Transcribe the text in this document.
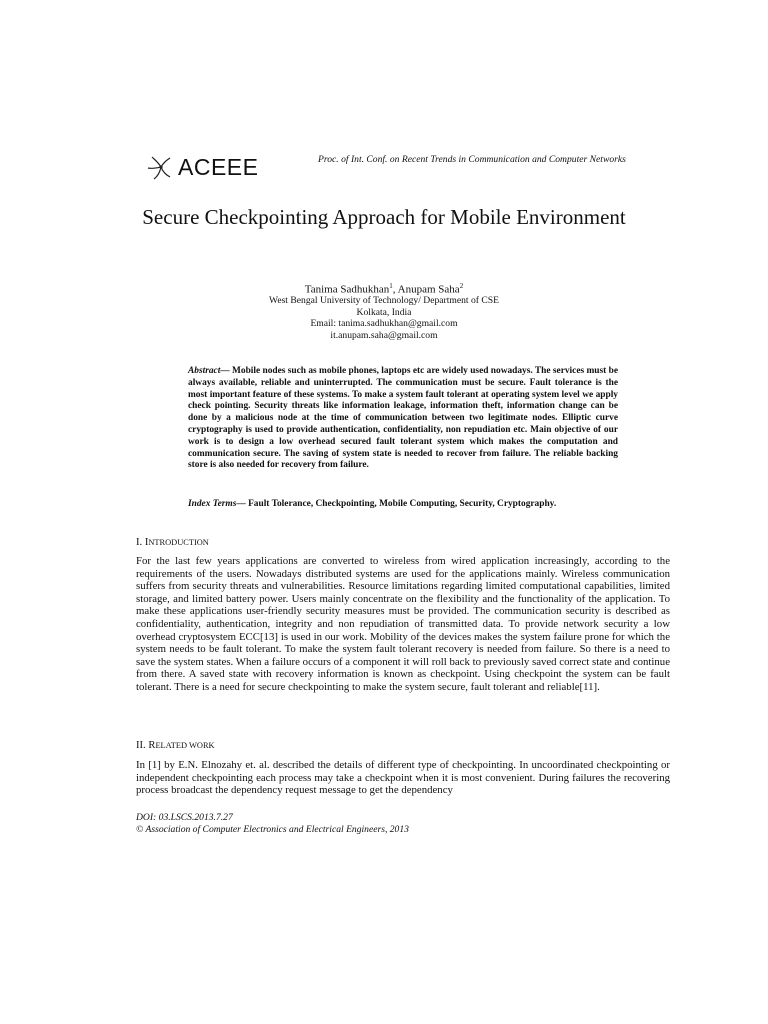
ACEEE	Proc. of Int. Conf. on Recent Trends in Communication and Computer Networks
Secure Checkpointing Approach for Mobile Environment
Tanima Sadhukhan$^1$, Anupam Saha$^2$
West Bengal University of Technology/ Department of CSE
Kolkata, India
Email: tanima.sadhukhan@gmail.com
it.anupam.saha@gmail.com
Abstract— Mobile nodes such as mobile phones, laptops etc are widely used nowadays. The services must be always available, reliable and uninterrupted. The communication must be secure. Fault tolerance is the most important feature of these systems. To make a system fault tolerant at operating system level we apply check pointing. Security threats like information leakage, information theft, information change can be done by a malicious node at the time of communication between two legitimate nodes. Elliptic curve cryptography is used to provide authentication, confidentiality, non repudiation etc. Main objective of our work is to design a low overhead secured fault tolerant system which makes the computation and communication secure. The saving of system state is needed to recover from failure. The reliable backing store is also needed for recovery from failure.
Index Terms— Fault Tolerance, Checkpointing, Mobile Computing, Security, Cryptography.
I. INTRODUCTION
For the last few years applications are converted to wireless from wired application increasingly, according to the requirements of the users. Nowadays distributed systems are used for the applications mainly. Wireless communication suffers from security threats and vulnerabilities. Resource limitations regarding limited computational capabilities, limited storage, and limited battery power. Users mainly concentrate on the flexibility and the functionality of the application. To make these applications user-friendly security measures must be provided. The communication security is described as confidentiality, authentication, integrity and non repudiation of transmitted data. To provide network security a low overhead cryptosystem ECC[13] is used in our work. Mobility of the devices makes the system failure prone for which the system needs to be fault tolerant. To make the system fault tolerant recovery is needed from failure. So there is a need to save the system states. When a failure occurs of a component it will roll back to previously saved correct state and continue from there. A saved state with recovery information is known as checkpoint. Using checkpoint the system can be fault tolerant. There is a need for secure checkpointing to make the system secure, fault tolerant and reliable[11].
II. RELATED WORK
In [1] by E.N. Elnozahy et. al. described the details of different type of checkpointing. In uncoordinated checkpointing or independent checkpointing each process may take a checkpoint when it is most convenient. During failures the recovering process broadcast the dependency request message to get the dependency
DOI: 03.LSCS.2013.7.27
© Association of Computer Electronics and Electrical Engineers, 2013
